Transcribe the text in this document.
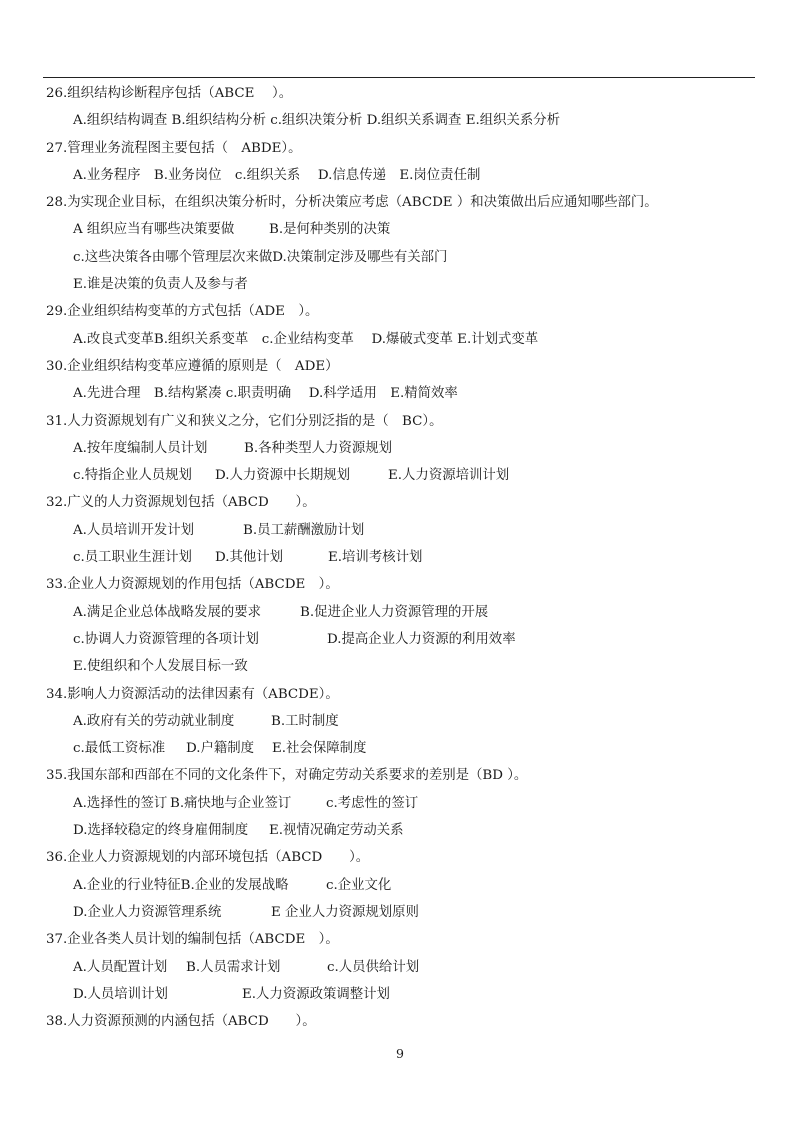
26.组织结构诊断程序包括（ABCE　 ）。
A.组织结构调查 B.组织结构分析 c.组织决策分析 D.组织关系调查 E.组织关系分析
27.管理业务流程图主要包括（　ABDE）。
A.业务程序　B.业务岗位　c.组织关系　 D.信息传递　E.岗位责任制
28.为实现企业目标，在组织决策分析时，分析决策应考虑（ABCDE ）和决策做出后应通知哪些部门。
A 组织应当有哪些决策要做	B.是何种类别的决策
c.这些决策各由哪个管理层次来做D.决策制定涉及哪些有关部门
E.谁是决策的负责人及参与者
29.企业组织结构变革的方式包括（ADE　）。
A.改良式变革B.组织关系变革　c.企业结构变革　 D.爆破式变革 E.计划式变革
30.企业组织结构变革应遵循的原则是（　ADE）
A.先进合理　B.结构紧凑 c.职责明确　 D.科学适用　E.精简效率
31.人力资源规划有广义和狭义之分，它们分别泛指的是（　BC）。
A.按年度编制人员计划	B.各种类型人力资源规划
c.特指企业人员规划 D.人力资源中长期规划	E.人力资源培训计划
32.广义的人力资源规划包括（ABCD　　）。
A.人员培训开发计划	B.员工薪酬激励计划
c.员工职业生涯计划 D.其他计划	E.培训考核计划
33.企业人力资源规划的作用包括（ABCDE　）。
A.满足企业总体战略发展的要求	B.促进企业人力资源管理的开展
c.协调人力资源管理的各项计划	D.提高企业人力资源的利用效率
E.使组织和个人发展目标一致
34.影响人力资源活动的法律因素有（ABCDE）。
A.政府有关的劳动就业制度	B.工时制度
c.最低工资标准 D.户籍制度 E.社会保障制度
35.我国东部和西部在不同的文化条件下，对确定劳动关系要求的差别是（BD ）。
A.选择性的签订 B.痛快地与企业签订	c.考虑性的签订
D.选择较稳定的终身雇佣制度 E.视情况确定劳动关系
36.企业人力资源规划的内部环境包括（ABCD　　）。
A.企业的行业特征B.企业的发展战略	c.企业文化
D.企业人力资源管理系统	E 企业人力资源规划原则
37.企业各类人员计划的编制包括（ABCDE　）。
A.人员配置计划 B.人员需求计划	c.人员供给计划
D.人员培训计划	E.人力资源政策调整计划
38.人力资源预测的内涵包括（ABCD　　）。
9
